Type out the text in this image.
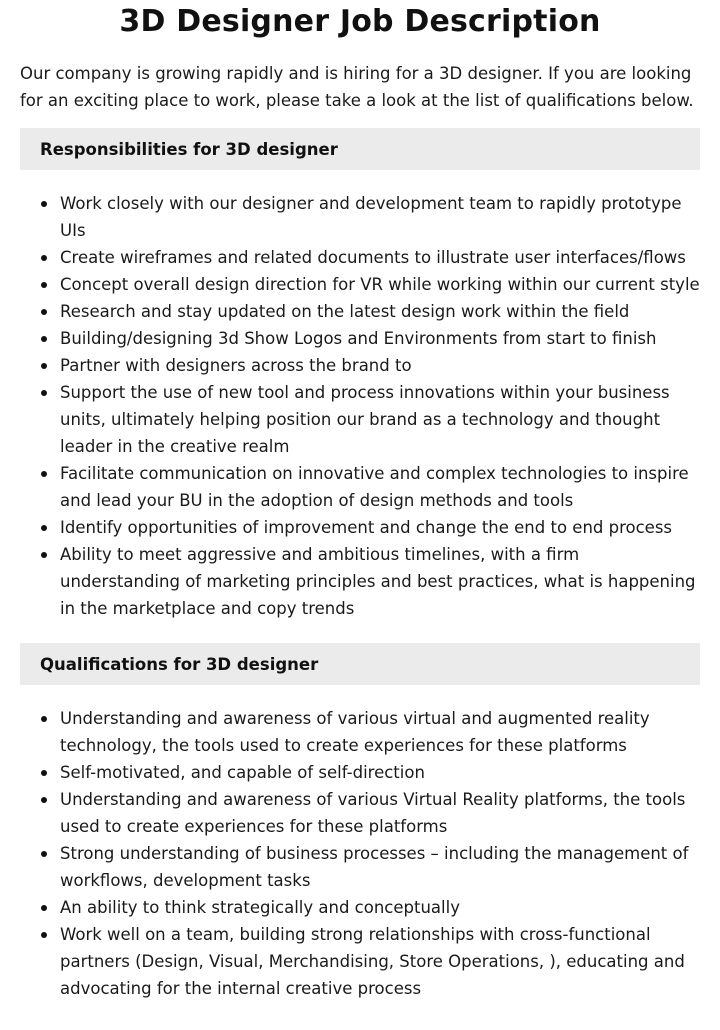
3D Designer Job Description

Our company is growing rapidly and is hiring for a 3D designer. If you are looking for an exciting place to work, please take a look at the list of qualifications below.

Responsibilities for 3D designer
Work closely with our designer and development team to rapidly prototype UIs
Create wireframes and related documents to illustrate user interfaces/flows
Concept overall design direction for VR while working within our current style
Research and stay updated on the latest design work within the field
Building/designing 3d Show Logos and Environments from start to finish
Partner with designers across the brand to
Support the use of new tool and process innovations within your business units, ultimately helping position our brand as a technology and thought leader in the creative realm
Facilitate communication on innovative and complex technologies to inspire and lead your BU in the adoption of design methods and tools
Identify opportunities of improvement and change the end to end process
Ability to meet aggressive and ambitious timelines, with a firm understanding of marketing principles and best practices, what is happening in the marketplace and copy trends
Qualifications for 3D designer
Understanding and awareness of various virtual and augmented reality technology, the tools used to create experiences for these platforms
Self-motivated, and capable of self-direction
Understanding and awareness of various Virtual Reality platforms, the tools used to create experiences for these platforms
Strong understanding of business processes – including the management of workflows, development tasks
An ability to think strategically and conceptually
Work well on a team, building strong relationships with cross-functional partners (Design, Visual, Merchandising, Store Operations, ), educating and advocating for the internal creative process
